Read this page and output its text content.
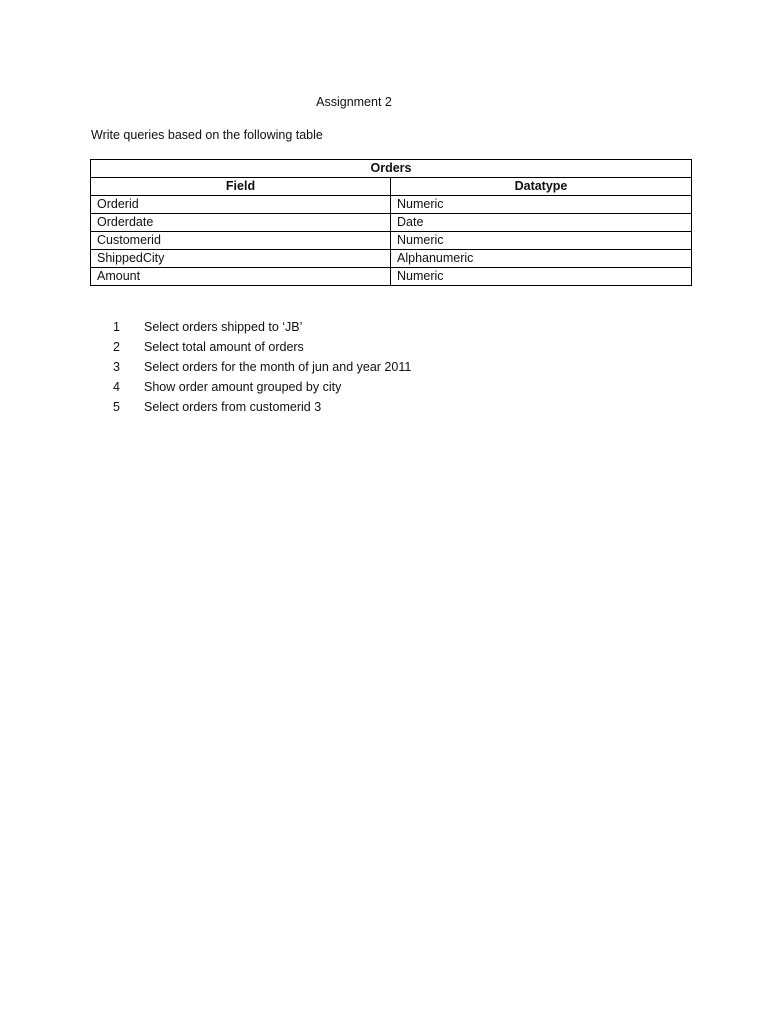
Assignment 2
Write queries based on the following table
Orders	
Field	Datatype
Orderid	Numeric
Orderdate	Date
Customerid	Numeric
ShippedCity	Alphanumeric
Amount	Numeric
1 Select orders shipped to ‘JB’
2 Select total amount of orders
3 Select orders for the month of jun and year 2011
4 Show order amount grouped by city
5 Select orders from customerid 3
